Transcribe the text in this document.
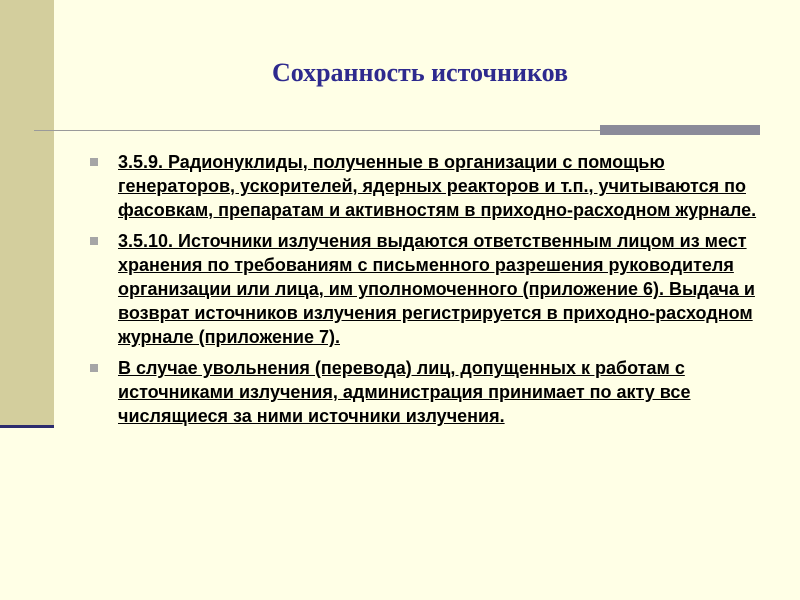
Сохранность источников
3.5.9. Радионуклиды, полученные в организации с помощью генераторов, ускорителей, ядерных реакторов и т.п., учитываются по фасовкам, препаратам и активностям в приходно-расходном журнале.
3.5.10. Источники излучения выдаются ответственным лицом из мест хранения по требованиям с письменного разрешения руководителя организации или лица, им уполномоченного (приложение 6). Выдача и возврат источников излучения регистрируется в приходно-расходном журнале (приложение 7).
В случае увольнения (перевода) лиц, допущенных к работам с источниками излучения, администрация принимает по акту все числящиеся за ними источники излучения.
